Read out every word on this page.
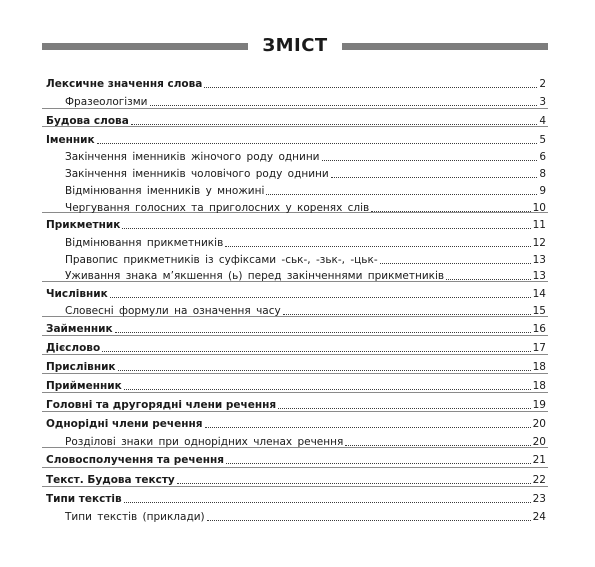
ЗМІСТ
Лексичне значення слова	2
Фразеологізми	3
Будова слова	4
Іменник	5
Закінчення іменників жіночого роду однини	6
Закінчення іменників чоловічого роду однини	8
Відмінювання іменників у множині	9
Чергування голосних та приголосних у коренях слів	10
Прикметник	11
Відмінювання прикметників	12
Правопис прикметників із суфіксами -ськ-, -зьк-, -цьк-	13
Уживання знака м’якшення (ь) перед закінченнями прикметників	13
Числівник	14
Словесні формули на означення часу	15
Займенник	16
Дієслово	17
Прислівник	18
Прийменник	18
Головні та другорядні члени речення	19
Однорідні члени речення	20
Розділові знаки при однорідних членах речення	20
Словосполучення та речення	21
Текст. Будова тексту	22
Типи текстів	23
Типи текстів (приклади)	24
